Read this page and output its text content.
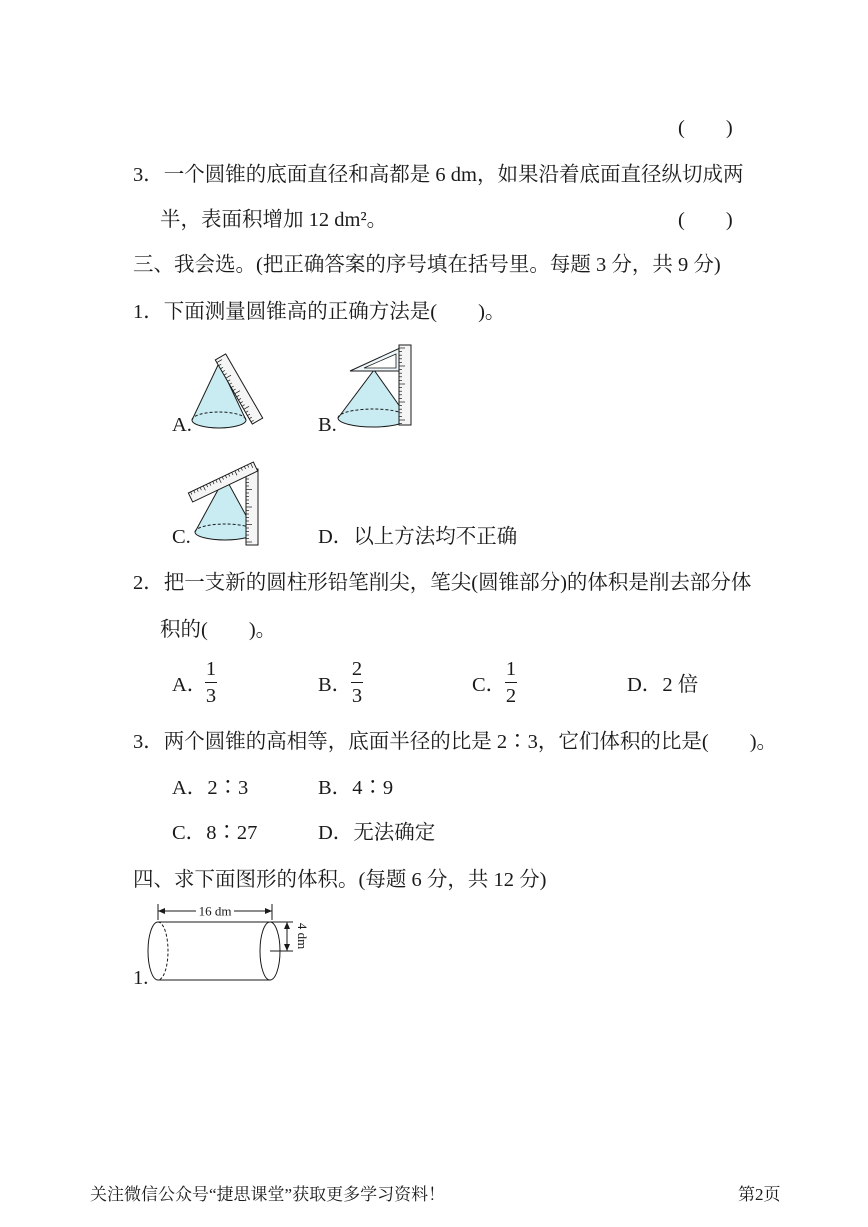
(　　)
3．一个圆锥的底面直径和高都是 6 dm，如果沿着底面直径纵切成两
半，表面积增加 12 dm²。	(　　)
三、我会选。(把正确答案的序号填在括号里。每题 3 分，共 9 分)
1．下面测量圆锥高的正确方法是(　　)。
A.	B.
C.	D．以上方法均不正确
2．把一支新的圆柱形铅笔削尖，笔尖(圆锥部分)的体积是削去部分体
积的(　　)。
A．
1
3	B．
2
3	C．
1
2	D．2 倍
3．两个圆锥的高相等，底面半径的比是 2∶3，它们体积的比是(　　)。
A．2∶3	B．4∶9
C．8∶27	D．无法确定
四、求下面图形的体积。(每题 6 分，共 12 分)
1.
16 dm
4 dm
关注微信公众号“捷思课堂”获取更多学习资料！	第2页
